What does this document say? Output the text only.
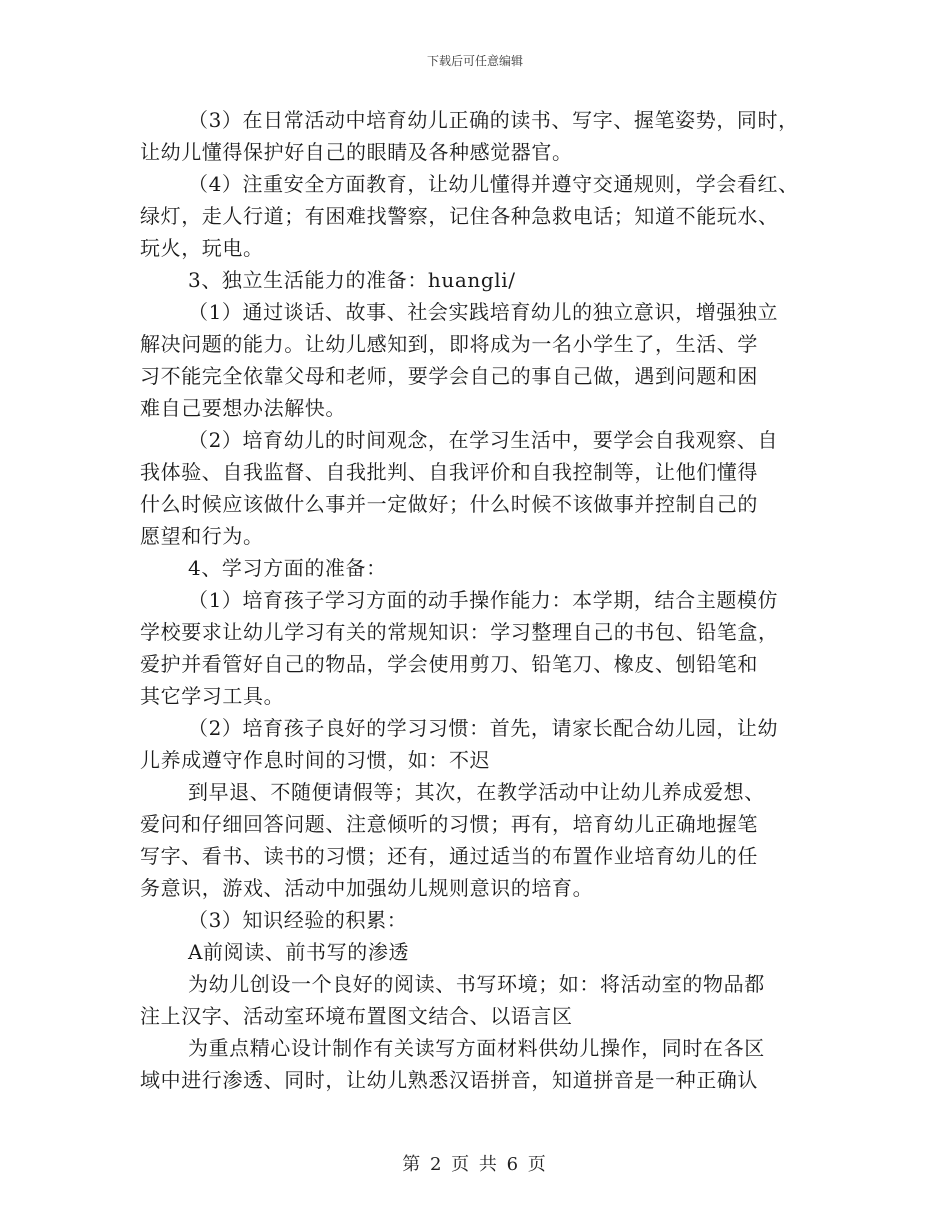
下载后可任意编辑
（3）在日常活动中培育幼儿正确的读书、写字、握笔姿势，同时，
让幼儿懂得保护好自己的眼睛及各种感觉器官。
（4）注重安全方面教育，让幼儿懂得并遵守交通规则，学会看红、
绿灯，走人行道；有困难找警察，记住各种急救电话；知道不能玩水、
玩火，玩电。
3、独立生活能力的准备：huangli/
（1）通过谈话、故事、社会实践培育幼儿的独立意识，增强独立
解决问题的能力。让幼儿感知到，即将成为一名小学生了，生活、学
习不能完全依靠父母和老师，要学会自己的事自己做，遇到问题和困
难自己要想办法解快。
（2）培育幼儿的时间观念，在学习生活中，要学会自我观察、自
我体验、自我监督、自我批判、自我评价和自我控制等，让他们懂得
什么时候应该做什么事并一定做好；什么时候不该做事并控制自己的
愿望和行为。
4、学习方面的准备：
（1）培育孩子学习方面的动手操作能力：本学期，结合主题模仿
学校要求让幼儿学习有关的常规知识：学习整理自己的书包、铅笔盒，
爱护并看管好自己的物品，学会使用剪刀、铅笔刀、橡皮、刨铅笔和
其它学习工具。
（2）培育孩子良好的学习习惯：首先，请家长配合幼儿园，让幼
儿养成遵守作息时间的习惯，如：不迟
到早退、不随便请假等；其次，在教学活动中让幼儿养成爱想、
爱问和仔细回答问题、注意倾听的习惯；再有，培育幼儿正确地握笔
写字、看书、读书的习惯；还有，通过适当的布置作业培育幼儿的任
务意识，游戏、活动中加强幼儿规则意识的培育。
（3）知识经验的积累：
A前阅读、前书写的渗透
为幼儿创设一个良好的阅读、书写环境；如：将活动室的物品都
注上汉字、活动室环境布置图文结合、以语言区
为重点精心设计制作有关读写方面材料供幼儿操作，同时在各区
域中进行渗透、同时，让幼儿熟悉汉语拼音，知道拼音是一种正确认
第 2 页 共 6 页
